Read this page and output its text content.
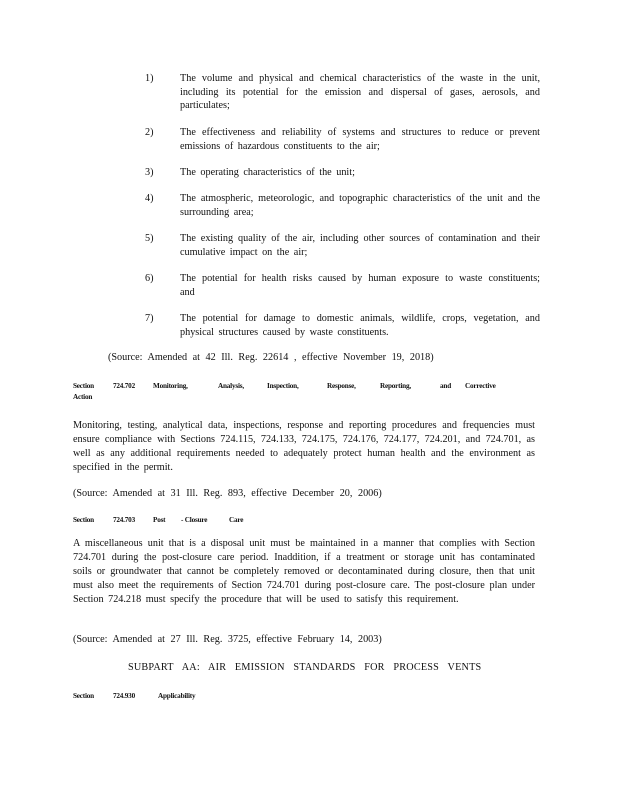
1)	The volume and physical and chemical characteristics of the waste in the unit, including its potential for the emission and dispersal of gases, aerosols, and particulates;
2)	The effectiveness and reliability of systems and structures to reduce or prevent emissions of hazardous constituents to the air;
3)	The operating characteristics of the unit;
4)	The atmospheric, meteorologic, and topographic characteristics of the unit and the surrounding area;
5)	The existing quality of the air, including other sources of contamination and their cumulative impact on the air;
6)	The potential for health risks caused by human exposure to waste constituents; and
7)	The potential for damage to domestic animals, wildlife, crops, vegetation, and physical structures caused by waste constituents.
(Source: Amended at 42 Ill. Reg. 22614 , effective November 19, 2018)
Section	724.702	Monitoring,	Analysis,	Inspection,	Response,	Reporting,	and Corrective
Action
Monitoring, testing, analytical data, inspections, response and reporting procedures and frequencies must ensure compliance with Sections 724.115, 724.133, 724.175, 724.176, 724.177, 724.201, and 724.701, as well as any additional requirements needed to adequately protect human health and the environment as specified in the permit.
(Source: Amended at 31 Ill. Reg. 893, effective December 20, 2006)
Section	724.703	Post - Closure	Care
A miscellaneous unit that is a disposal unit must be maintained in a manner that complies with Section 724.701 during the post-closure care period. Inaddition, if a treatment or storage unit has contaminated soils or groundwater that cannot be completely removed or decontaminated during closure, then that unit must also meet the requirements of Section 724.701 during post-closure care. The post-closure plan under Section 724.218 must specify the procedure that will be used to satisfy this requirement.
(Source: Amended at 27 Ill. Reg. 3725, effective February 14, 2003)
SUBPART AA: AIR EMISSION STANDARDS FOR PROCESS VENTS
Section	724.930	Applicability
